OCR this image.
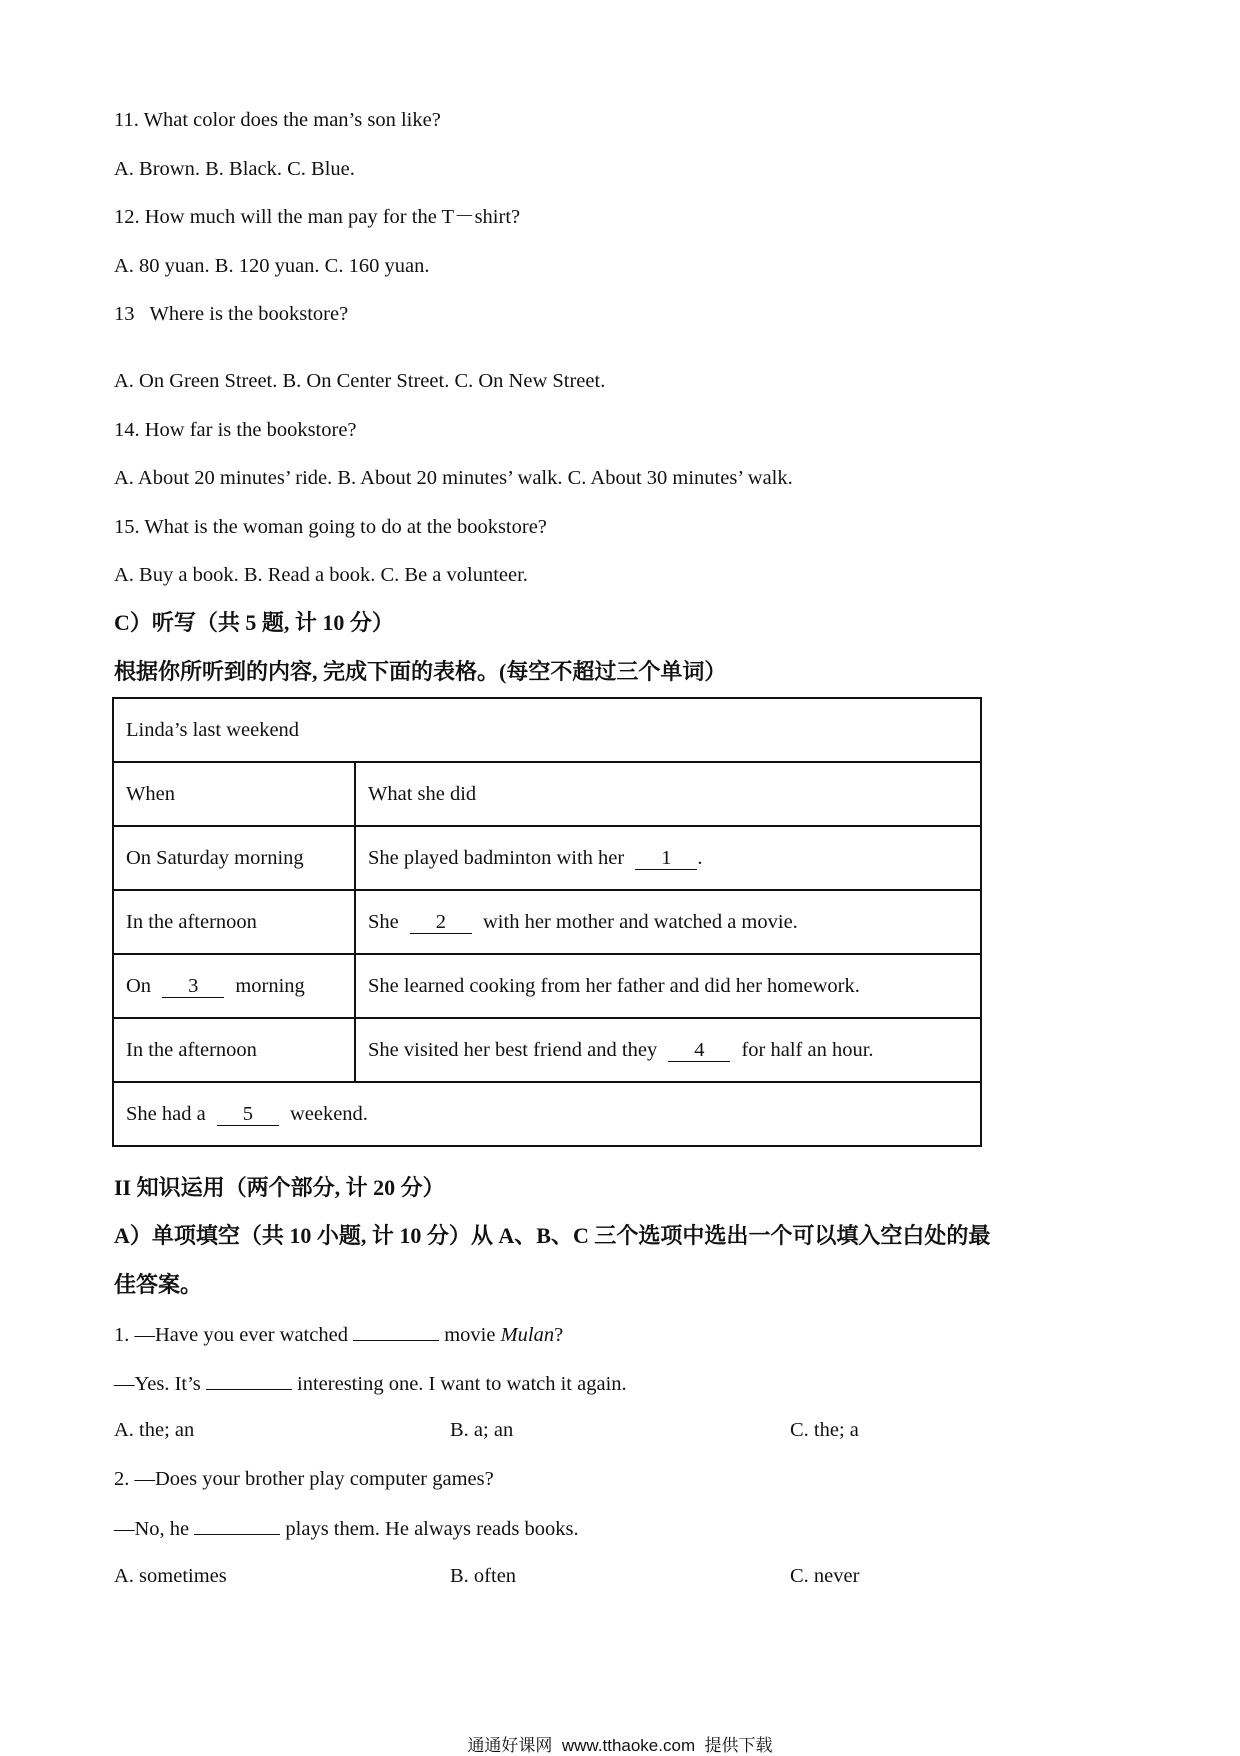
11. What color does the man’s son like?
A. Brown. B. Black. C. Blue.
12. How much will the man pay for the T－shirt?
A. 80 yuan. B. 120 yuan. C. 160 yuan.
13   Where is the bookstore?
A. On Green Street. B. On Center Street. C. On New Street.
14. How far is the bookstore?
A. About 20 minutes’ ride. B. About 20 minutes’ walk. C. About 30 minutes’ walk.
15. What is the woman going to do at the bookstore?
A. Buy a book. B. Read a book. C. Be a volunteer.
C）听写（共 5 题, 计 10 分）
根据你所听到的内容, 完成下面的表格。(每空不超过三个单词）
Linda’s last weekend	
When	What she did
On Saturday morning	She played badminton with her 1 .
In the afternoon	She 2 with her mother and watched a movie.
On 3 morning	She learned cooking from her father and did her homework.
In the afternoon	She visited her best friend and they 4 for half an hour.
She had a 5 weekend.	
II 知识运用（两个部分, 计 20 分）
A）单项填空（共 10 小题, 计 10 分）从 A、B、C 三个选项中选出一个可以填入空白处的最
佳答案。
1. —Have you ever watched	movie Mulan?
—Yes. It’s	interesting one. I want to watch it again.
A. the; an	B. a; an	C. the; a
2. —Does your brother play computer games?
—No, he	plays them. He always reads books.
A. sometimes	B. often	C. never
通通好课网  www.tthaoke.com  提供下载
